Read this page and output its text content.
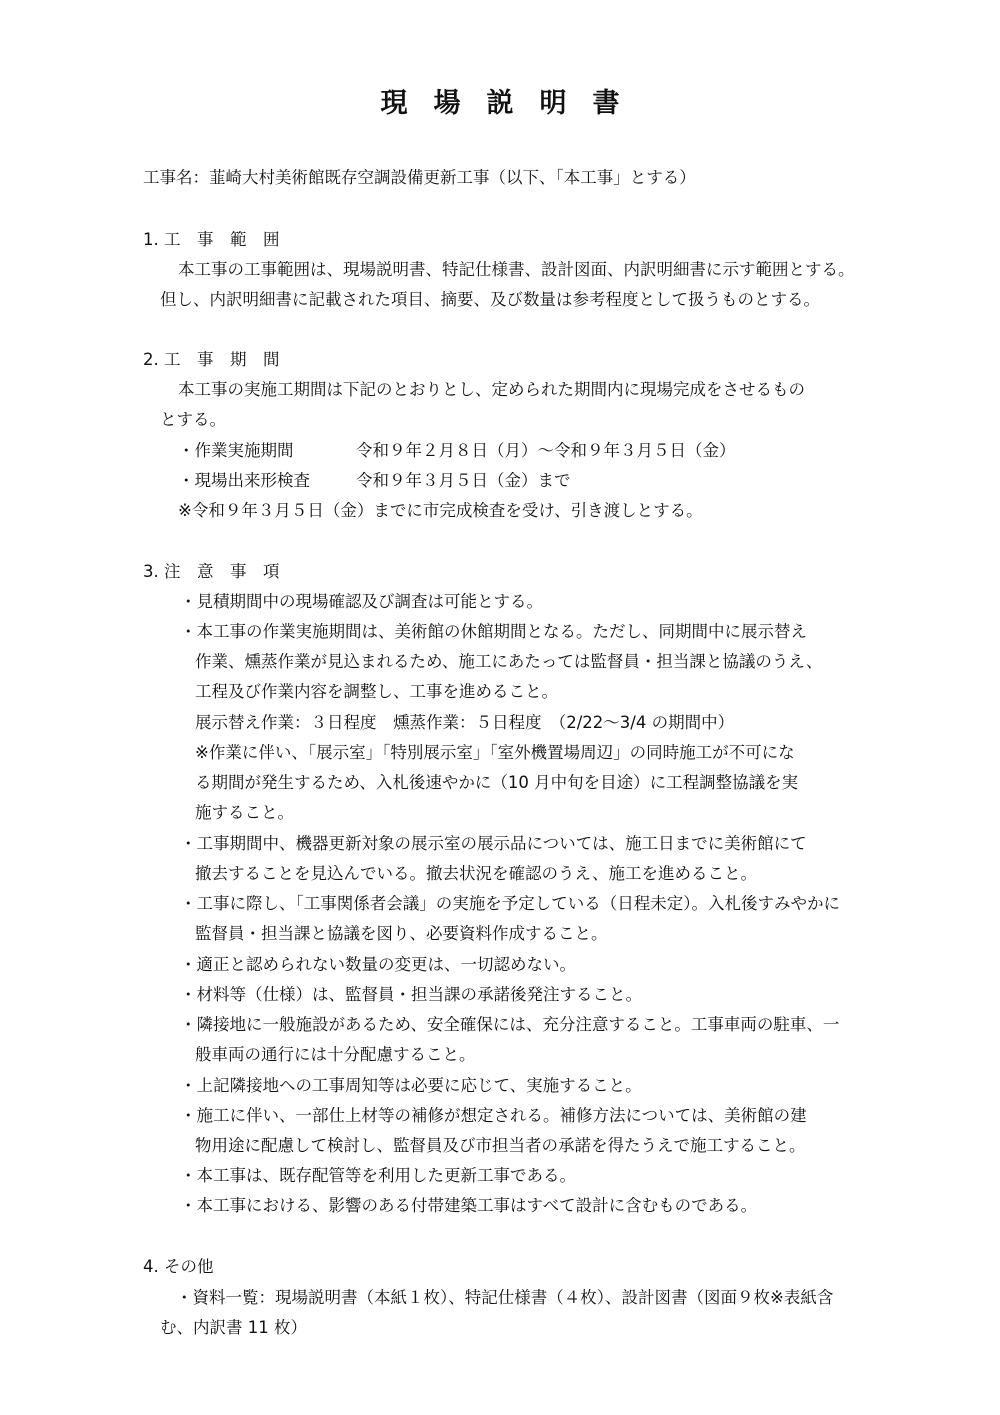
現場説明書
工事名：韮崎大村美術館既存空調設備更新工事（以下、「本工事」とする）
1. 工　事　範　囲
本工事の工事範囲は、現場説明書、特記仕様書、設計図面、内訳明細書に示す範囲とする。
但し、内訳明細書に記載された項目、摘要、及び数量は参考程度として扱うものとする。
2. 工　事　期　間
本工事の実施工期間は下記のとおりとし、定められた期間内に現場完成をさせるもの
とする。
・作業実施期間	令和９年２月８日（月）～令和９年３月５日（金）
・現場出来形検査	令和９年３月５日（金）まで
※令和９年３月５日（金）までに市完成検査を受け、引き渡しとする。
3. 注　意　事　項
・見積期間中の現場確認及び調査は可能とする。
・本工事の作業実施期間は、美術館の休館期間となる。ただし、同期間中に展示替え
作業、燻蒸作業が見込まれるため、施工にあたっては監督員・担当課と協議のうえ、
工程及び作業内容を調整し、工事を進めること。
展示替え作業：３日程度　燻蒸作業：５日程度　（2/22～3/4 の期間中）
※作業に伴い、「展示室」「特別展示室」「室外機置場周辺」の同時施工が不可にな
る期間が発生するため、入札後速やかに（10 月中旬を目途）に工程調整協議を実
施すること。
・工事期間中、機器更新対象の展示室の展示品については、施工日までに美術館にて
撤去することを見込んでいる。撤去状況を確認のうえ、施工を進めること。
・工事に際し、「工事関係者会議」の実施を予定している（日程未定）。入札後すみやかに
監督員・担当課と協議を図り、必要資料作成すること。
・適正と認められない数量の変更は、一切認めない。
・材料等（仕様）は、監督員・担当課の承諾後発注すること。
・隣接地に一般施設があるため、安全確保には、充分注意すること。工事車両の駐車、一
般車両の通行には十分配慮すること。
・上記隣接地への工事周知等は必要に応じて、実施すること。
・施工に伴い、一部仕上材等の補修が想定される。補修方法については、美術館の建
物用途に配慮して検討し、監督員及び市担当者の承諾を得たうえで施工すること。
・本工事は、既存配管等を利用した更新工事である。
・本工事における、影響のある付帯建築工事はすべて設計に含むものである。
4. その他
・資料一覧：現場説明書（本紙１枚）、特記仕様書（４枚）、設計図書（図面９枚※表紙含
む、内訳書 11 枚）
